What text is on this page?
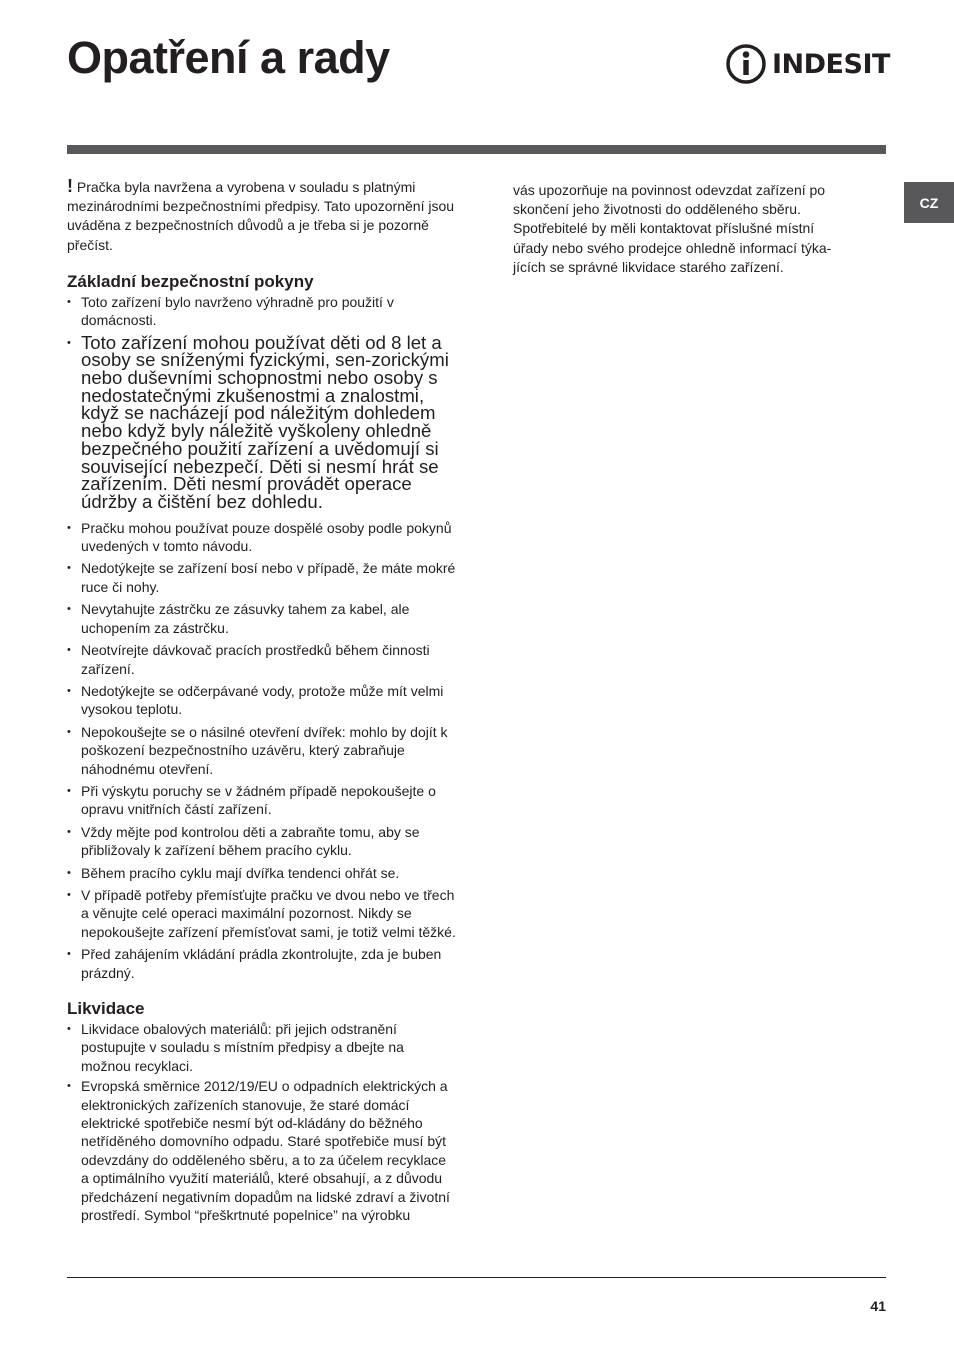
Opatření a rady	INDESIT
CZ

! Pračka byla navržena a vyrobena v souladu s platnými mezinárodními bezpečnostními předpisy. Tato upozornění jsou uváděna z bezpečnostních důvodů a je třeba si je pozorně přečíst.

Základní bezpečnostní pokyny
• Toto zařízení bylo navrženo výhradně pro použití v domácnosti.
• Toto zařízení mohou používat děti od 8 let a osoby se sníženými fyzickými, sen-zorickými nebo duševními schopnostmi nebo osoby s nedostatečnými zkušenostmi a znalostmi, když se nacházejí pod náležitým dohledem nebo když byly náležitě vyškoleny ohledně bezpečného použití zařízení a uvědomují si související nebezpečí. Děti si nesmí hrát se zařízením. Děti nesmí provádět operace údržby a čištění bez dohledu.
• Pračku mohou používat pouze dospělé osoby podle pokynů uvedených v tomto návodu.
• Nedotýkejte se zařízení bosí nebo v případě, že máte mokré ruce či nohy.
• Nevytahujte zástrčku ze zásuvky tahem za kabel, ale uchopením za zástrčku.
• Neotvírejte dávkovač pracích prostředků během činnosti zařízení.
• Nedotýkejte se odčerpávané vody, protože může mít velmi vysokou teplotu.
• Nepokoušejte se o násilné otevření dvířek: mohlo by dojít k poškození bezpečnostního uzávěru, který zabraňuje náhodnému otevření.
• Při výskytu poruchy se v žádném případě nepokoušejte o opravu vnitřních částí zařízení.
• Vždy mějte pod kontrolou děti a zabraňte tomu, aby se přibližovaly k zařízení během pracího cyklu.
• Během pracího cyklu mají dvířka tendenci ohřát se.
• V případě potřeby přemísťujte pračku ve dvou nebo ve třech a věnujte celé operaci maximální pozornost. Nikdy se nepokoušejte zařízení přemísťovat sami, je totiž velmi těžké.
• Před zahájením vkládání prádla zkontrolujte, zda je buben prázdný.
Likvidace
• Likvidace obalových materiálů: při jejich odstranění postupujte v souladu s místním předpisy a dbejte na možnou recyklaci.
• Evropská směrnice 2012/19/EU o odpadních elektrických a elektronických zařízeních stanovuje, že staré domácí elektrické spotřebiče nesmí být od-kládány do běžného netříděného domovního odpadu. Staré spotřebiče musí být odevzdány do odděleného sběru, a to za účelem recyklace a optimálního využití materiálů, které obsahují, a z důvodu předcházení negativním dopadům na lidské zdraví a životní prostředí. Symbol “přeškrtnuté popelnice” na výrobku
vás upozorňuje na povinnost odevzdat zařízení po
skončení jeho životnosti do odděleného sběru.
Spotřebitelé by měli kontaktovat příslušné místní
úřady nebo svého prodejce ohledně informací týka-
jících se správné likvidace starého zařízení.
41
